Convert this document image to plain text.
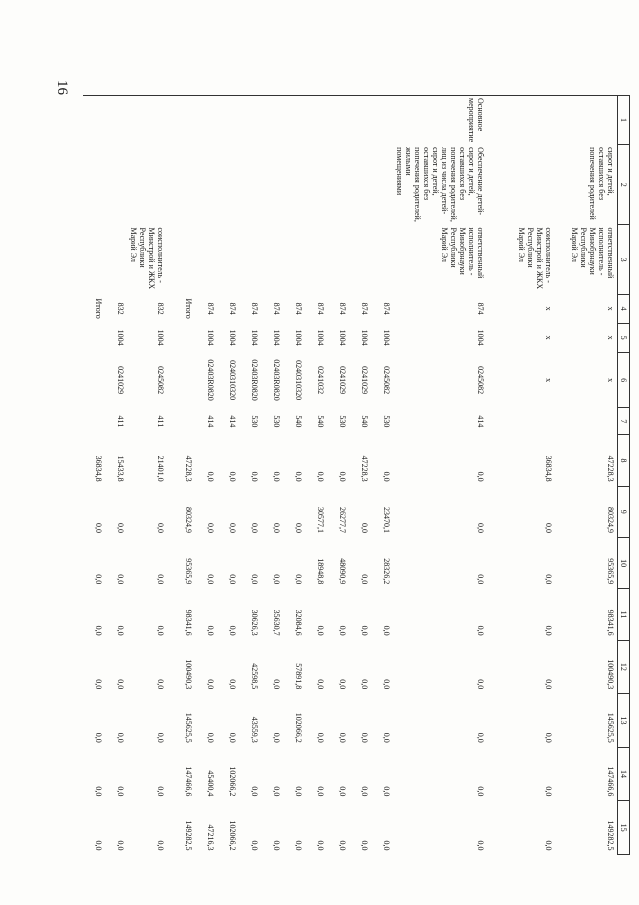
16
1	2	3	4	5	6	7	8	9	10	11	12	13	14	15
	сирот и детей, оставшихся без попечения родителей	ответственный исполнитель - Минобрнауки Республики Марий Эл	х	х	х		47228,3	80324,9	95365,9	98341,6	100490,3	145625,5	147466,6	149282,5
		соисполнитель - Минстрой и ЖКХ Республики Марий Эл	х	х	х		36834,8	0,0	0,0	0,0	0,0	0,0	0,0	0,0
Основное мероприятие	Обеспечение детей-сирот и детей, оставшихся без попечения родителей, лиц из числа детей-сирот и детей, оставшихся без попечения родителей, жилыми помещениями	ответственный исполнитель - Минобрнауки Республики Марий Эл	874	1004	0245082	414	0,0	0,0	0,0	0,0	0,0	0,0	0,0	0,0
			874	1004	0245082	530	0,0	23470,1	28326,2	0,0	0,0	0,0	0,0	0,0
			874	1004	0241029	540	47228,3	0,0	0,0	0,0	0,0	0,0	0,0	0,0
			874	1004	0241029	530	0,0	26277,7	48090,9	0,0	0,0	0,0	0,0	0,0
			874	1004	0241032	540	0,0	30577,1	18948,8	0,0	0,0	0,0	0,0	0,0
			874	1004	0240310320	540	0,0	0,0	0,0	32084,6	57891,8	102066,2	0,0	0,0
			874	1004	02403R0820	530	0,0	0,0	0,0	35630,7	0,0	0,0	0,0	0,0
			874	1004	02403R0820	530	0,0	0,0	0,0	30626,3	42598,5	43559,3	0,0	0,0
			874	1004	0240310320	414	0,0	0,0	0,0	0,0	0,0	0,0	102066,2	102066,2
			874	1004	02403R0820	414	0,0	0,0	0,0	0,0	0,0	0,0	45400,4	47216,3
			Итого				47228,3	80324,9	95365,9	98341,6	100490,3	145625,5	147466,6	149282,5
		соисполнитель - Минстрой и ЖКХ Республики Марий Эл	832	1004	0245082	411	21401,0	0,0	0,0	0,0	0,0	0,0	0,0	0,0
			832	1004	0241029	411	15433,8	0,0	0,0	0,0	0,0	0,0	0,0	0,0
			Итого				36834,8	0,0	0,0	0,0	0,0	0,0	0,0	0,0
